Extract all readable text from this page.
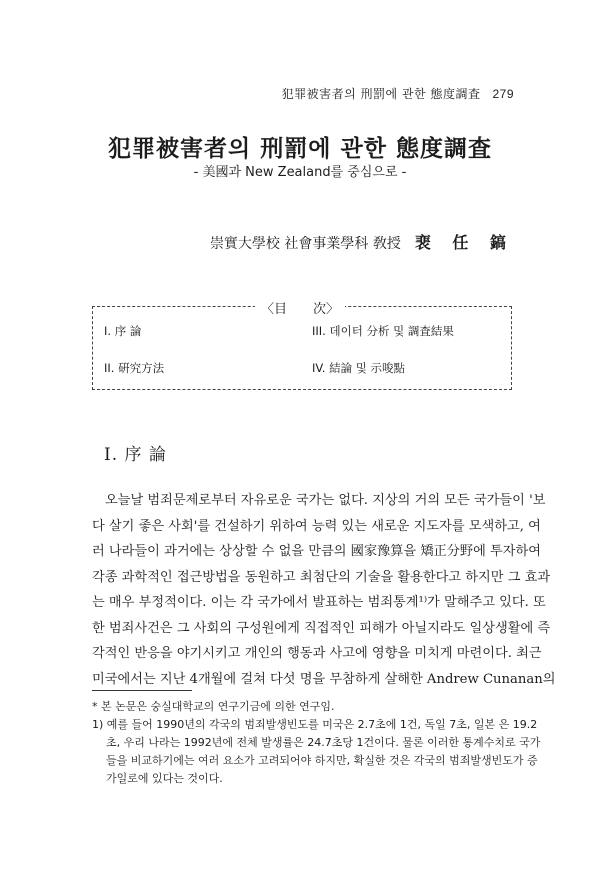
犯罪被害者의 刑罰에 관한 態度調査 279
犯罪被害者의 刑罰에 관한 態度調査
- 美國과 New Zealand를 중심으로 -
崇實大學校 社會事業學科 敎授 裵 任 鎬
〈目　　次〉
I. 序 論	III. 데이터 分析 및 調査結果
II. 硏究方法	IV. 結論 및 示唆點
I. 序 論
오늘날 범죄문제로부터 자유로운 국가는 없다. 지상의 거의 모든 국가들이 '보
다 살기 좋은 사회'를 건설하기 위하여 능력 있는 새로운 지도자를 모색하고, 여
러 나라들이 과거에는 상상할 수 없을 만큼의 國家豫算을 矯正分野에 투자하여
각종 과학적인 접근방법을 동원하고 최첨단의 기술을 활용한다고 하지만 그 효과
는 매우 부정적이다. 이는 각 국가에서 발표하는 범죄통계¹⁾가 말해주고 있다. 또
한 범죄사건은 그 사회의 구성원에게 직접적인 피해가 아닐지라도 일상생활에 즉
각적인 반응을 야기시키고 개인의 행동과 사고에 영향을 미치게 마련이다. 최근
미국에서는 지난 4개월에 걸쳐 다섯 명을 무참하게 살해한 Andrew Cunanan의
* 본 논문은 숭실대학교의 연구기금에 의한 연구임.
1) 예를 들어 1990년의 각국의 범죄발생빈도를 미국은 2.7초에 1건, 독일 7초, 일본 은 19.2
초, 우리 나라는 1992년에 전체 발생률은 24.7초당 1건이다. 물론 이러한 통계수치로 국가
들을 비교하기에는 여러 요소가 고려되어야 하지만, 확실한 것은 각국의 범죄발생빈도가 증
가일로에 있다는 것이다.
